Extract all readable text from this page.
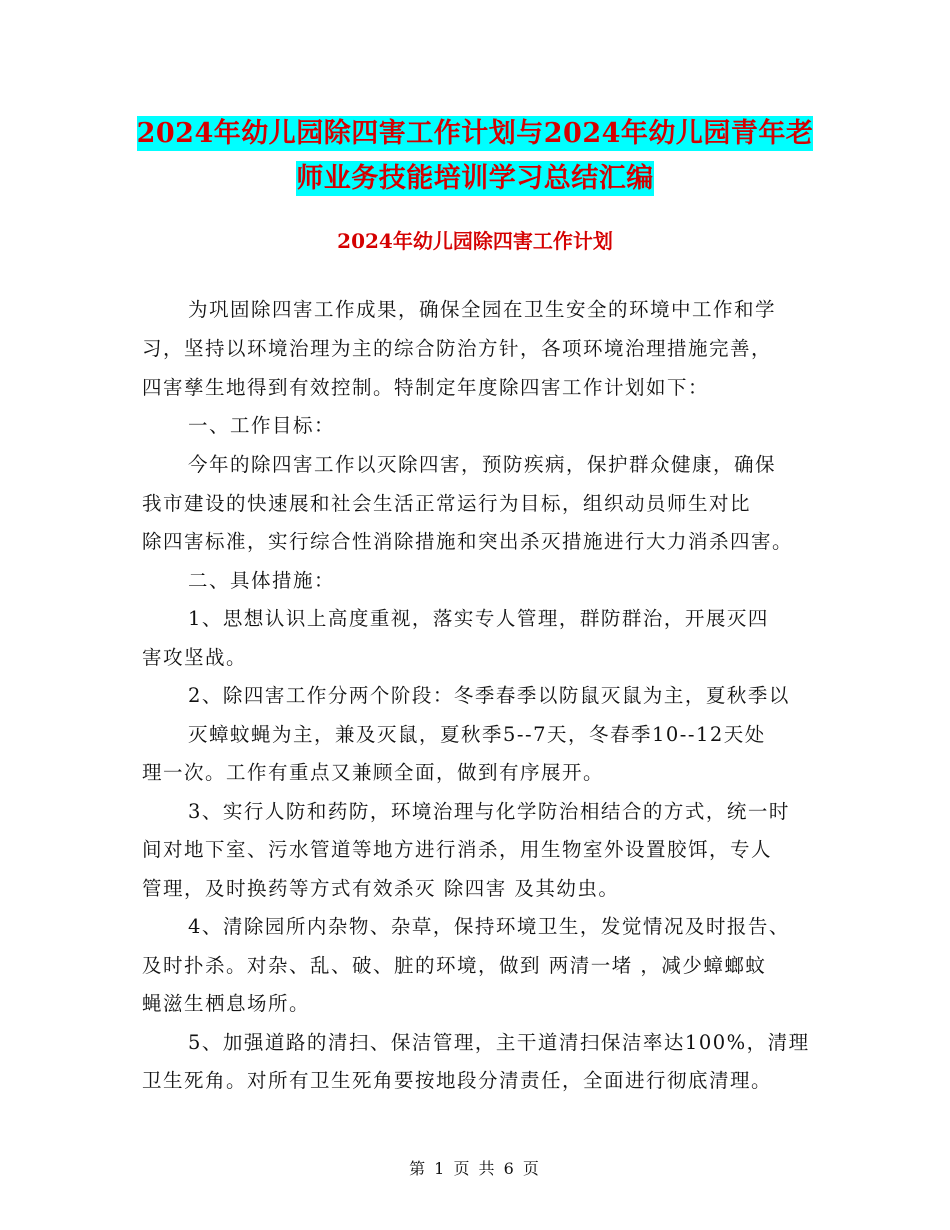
2024年幼儿园除四害工作计划与2024年幼儿园青年老
师业务技能培训学习总结汇编
2024年幼儿园除四害工作计划
为巩固除四害工作成果，确保全园在卫生安全的环境中工作和学
习，坚持以环境治理为主的综合防治方针，各项环境治理措施完善，
四害孳生地得到有效控制。特制定年度除四害工作计划如下：
一、工作目标：
今年的除四害工作以灭除四害，预防疾病，保护群众健康，确保
我市建设的快速展和社会生活正常运行为目标，组织动员师生对比
除四害标准，实行综合性消除措施和突出杀灭措施进行大力消杀四害。
二、具体措施：
1、思想认识上高度重视，落实专人管理，群防群治，开展灭四
害攻坚战。
2、除四害工作分两个阶段：冬季春季以防鼠灭鼠为主，夏秋季以
灭蟑蚊蝇为主，兼及灭鼠，夏秋季5--7天，冬春季10--12天处
理一次。工作有重点又兼顾全面，做到有序展开。
3、实行人防和药防，环境治理与化学防治相结合的方式，统一时
间对地下室、污水管道等地方进行消杀，用生物室外设置胶饵，专人
管理，及时换药等方式有效杀灭 除四害 及其幼虫。
4、清除园所内杂物、杂草，保持环境卫生，发觉情况及时报告、
及时扑杀。对杂、乱、破、脏的环境，做到 两清一堵 ，减少蟑螂蚊
蝇滋生栖息场所。
5、加强道路的清扫、保洁管理，主干道清扫保洁率达100%，清理
卫生死角。对所有卫生死角要按地段分清责任，全面进行彻底清理。
第 1 页 共 6 页
